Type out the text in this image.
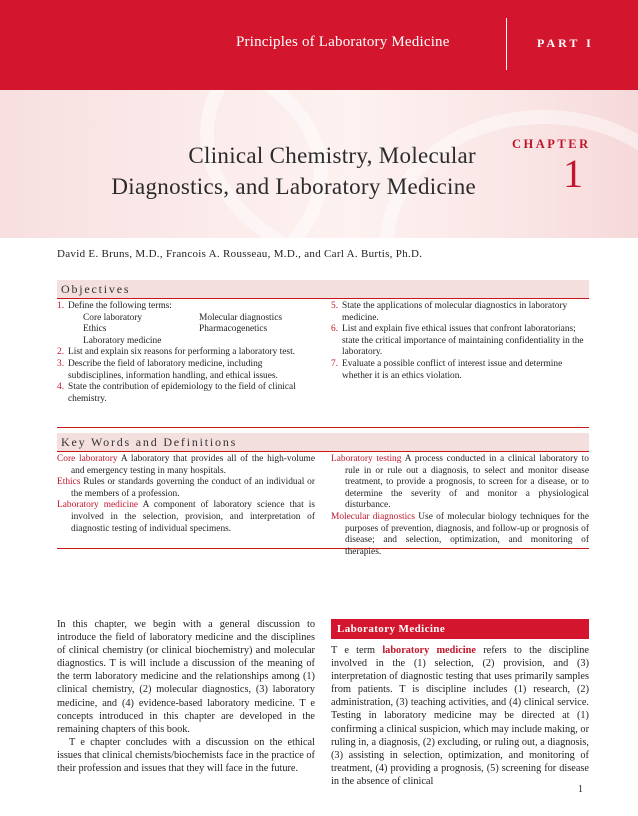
Principles of Laboratory Medicine	PART I
Clinical Chemistry, Molecular
Diagnostics, and Laboratory Medicine
CHAPTER
1
David E. Bruns, M.D., Francois A. Rousseau, M.D., and Carl A. Burtis, Ph.D.
Objectives
1. Define the following terms:
Core laboratory	Molecular diagnostics
Ethics	Pharmacogenetics
Laboratory medicine
2. List and explain six reasons for performing a laboratory test.
3. Describe the field of laboratory medicine, including subdisciplines, information handling, and ethical issues.
4. State the contribution of epidemiology to the field of clinical chemistry.
5. State the applications of molecular diagnostics in laboratory medicine.
6. List and explain five ethical issues that confront laboratorians; state the critical importance of maintaining confidentiality in the laboratory.
7. Evaluate a possible conflict of interest issue and determine whether it is an ethics violation.
Key Words and Definitions

Core laboratory A laboratory that provides all of the high-volume and emergency testing in many hospitals.

Ethics Rules or standards governing the conduct of an individual or the members of a profession.

Laboratory medicine A component of laboratory science that is involved in the selection, provision, and interpretation of diagnostic testing of individual specimens.

Laboratory testing A process conducted in a clinical laboratory to rule in or rule out a diagnosis, to select and monitor disease treatment, to provide a prognosis, to screen for a disease, or to determine the severity of and monitor a physiological disturbance.

Molecular diagnostics Use of molecular biology techniques for the purposes of prevention, diagnosis, and follow-up or prognosis of disease; and selection, optimization, and monitoring of therapies.

In this chapter, we begin with a general discussion to introduce the field of laboratory medicine and the disciplines of clinical chemistry (or clinical biochemistry) and molecular diagnostics. T is will include a discussion of the meaning of the term laboratory medicine and the relationships among (1) clinical chemistry, (2) molecular diagnostics, (3) laboratory medicine, and (4) evidence-based laboratory medicine. T e concepts introduced in this chapter are developed in the remaining chapters of this book.

T e chapter concludes with a discussion on the ethical issues that clinical chemists/biochemists face in the practice of their profession and issues that they will face in the future.

Laboratory Medicine

T e term laboratory medicine refers to the discipline involved in the (1) selection, (2) provision, and (3) interpretation of diagnostic testing that uses primarily samples from patients. T is discipline includes (1) research, (2) administration, (3) teaching activities, and (4) clinical service. Testing in laboratory medicine may be directed at (1) confirming a clinical suspicion, which may include making, or ruling in, a diagnosis, (2) excluding, or ruling out, a diagnosis, (3) assisting in selection, optimization, and monitoring of treatment, (4) providing a prognosis, (5) screening for disease in the absence of clinical

1
